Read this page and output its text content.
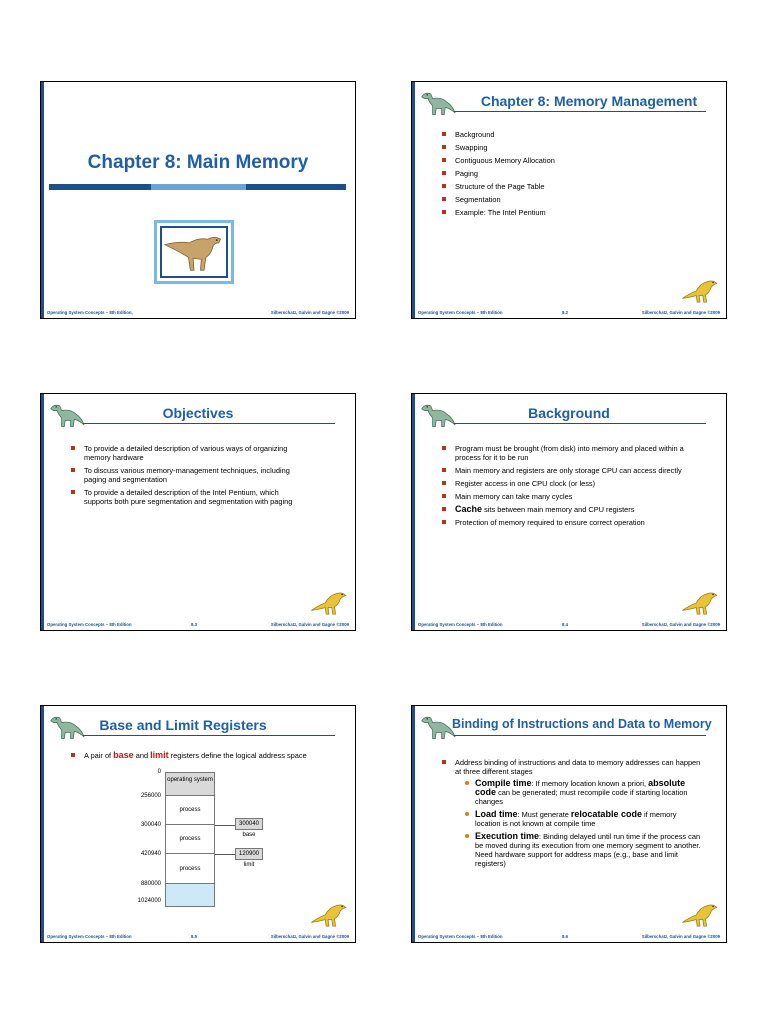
Chapter 8: Main Memory
Operating System Concepts – 8th Edition,	Silberschatz, Galvin and Gagne ©2009
Chapter 8: Memory Management
Background
Swapping
Contiguous Memory Allocation
Paging
Structure of the Page Table
Segmentation
Example: The Intel Pentium
Operating System Concepts – 8th Edition	8.2	Silberschatz, Galvin and Gagne ©2009
Objectives
To provide a detailed description of various ways of organizing memory hardware
To discuss various memory-management techniques, including paging and segmentation
To provide a detailed description of the Intel Pentium, which supports both pure segmentation and segmentation with paging
Operating System Concepts – 8th Edition	8.3	Silberschatz, Galvin and Gagne ©2009
Background
Program must be brought (from disk) into memory and placed within a process for it to be run
Main memory and registers are only storage CPU can access directly
Register access in one CPU clock (or less)
Main memory can take many cycles
Cache sits between main memory and CPU registers
Protection of memory required to ensure correct operation
Operating System Concepts – 8th Edition	8.4	Silberschatz, Galvin and Gagne ©2009
Base and Limit Registers
A pair of base and limit registers define the logical address space
operating system
process
process
process
0
256000
300040
420940
880000
1024000
300040
base
120900
limit
Operating System Concepts – 8th Edition	8.5	Silberschatz, Galvin and Gagne ©2009
Binding of Instructions and Data to Memory
Address binding of instructions and data to memory addresses can happen at three different stages
Compile time: If memory location known a priori, absolute code can be generated; must recompile code if starting location changes
Load time: Must generate relocatable code if memory location is not known at compile time
Execution time: Binding delayed until run time if the process can be moved during its execution from one memory segment to another. Need hardware support for address maps (e.g., base and limit registers)
Operating System Concepts – 8th Edition	8.6	Silberschatz, Galvin and Gagne ©2009
